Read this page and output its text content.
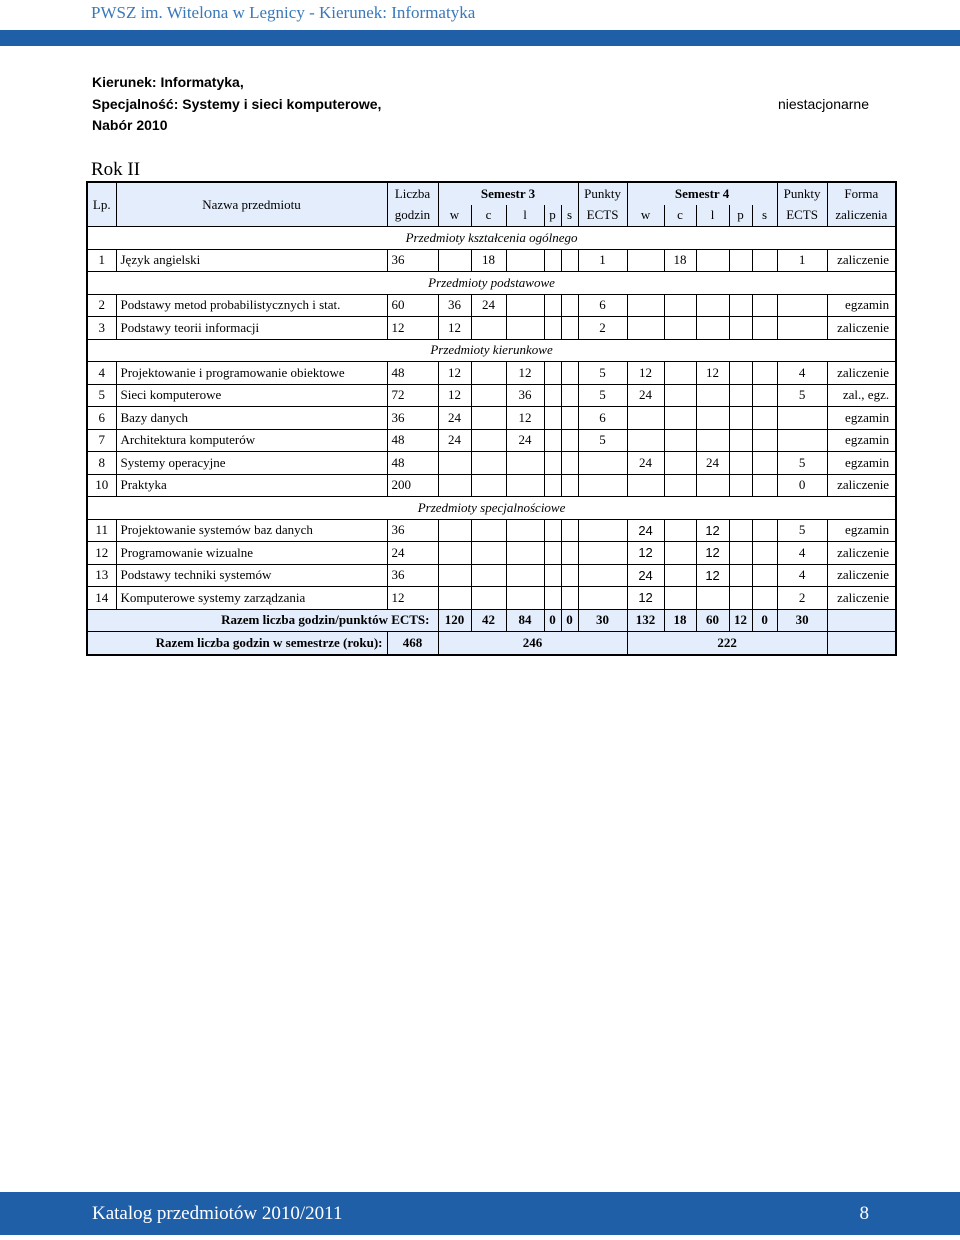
PWSZ im. Witelona w Legnicy - Kierunek: Informatyka
Kierunek: Informatyka,
Specjalność: Systemy i sieci komputerowe,
Nabór 2010
niestacjonarne
Rok II
Lp.	Nazwa przedmiotu	Liczba	Semestr 3					Punkty	Semestr 4					Punkty	Forma
		godzin	w	c	l	p	s	ECTS	w	c	l	p	s	ECTS	zaliczenia
Przedmioty kształcenia ogólnego															
1	Język angielski	36		18				1		18				1	zaliczenie
Przedmioty podstawowe															
2	Podstawy metod probabilistycznych i stat.	60	36	24				6							egzamin
3	Podstawy teorii informacji	12	12					2							zaliczenie
Przedmioty kierunkowe															
4	Projektowanie i programowanie obiektowe	48	12		12			5	12		12			4	zaliczenie
5	Sieci komputerowe	72	12		36			5	24					5	zal., egz.
6	Bazy danych	36	24		12			6							egzamin
7	Architektura komputerów	48	24		24			5							egzamin
8	Systemy operacyjne	48							24		24			5	egzamin
10	Praktyka	200												0	zaliczenie
Przedmioty specjalnościowe															
11	Projektowanie systemów baz danych	36							24		12			5	egzamin
12	Programowanie wizualne	24							12		12			4	zaliczenie
13	Podstawy techniki systemów	36							24		12			4	zaliczenie
14	Komputerowe systemy zarządzania	12							12					2	zaliczenie
Razem liczba godzin/punktów ECTS:			120	42	84	0	0	30	132	18	60	12	0	30	
Razem liczba godzin w semestrze (roku):		468	246						222						
Katalog przedmiotów 2010/2011	8
